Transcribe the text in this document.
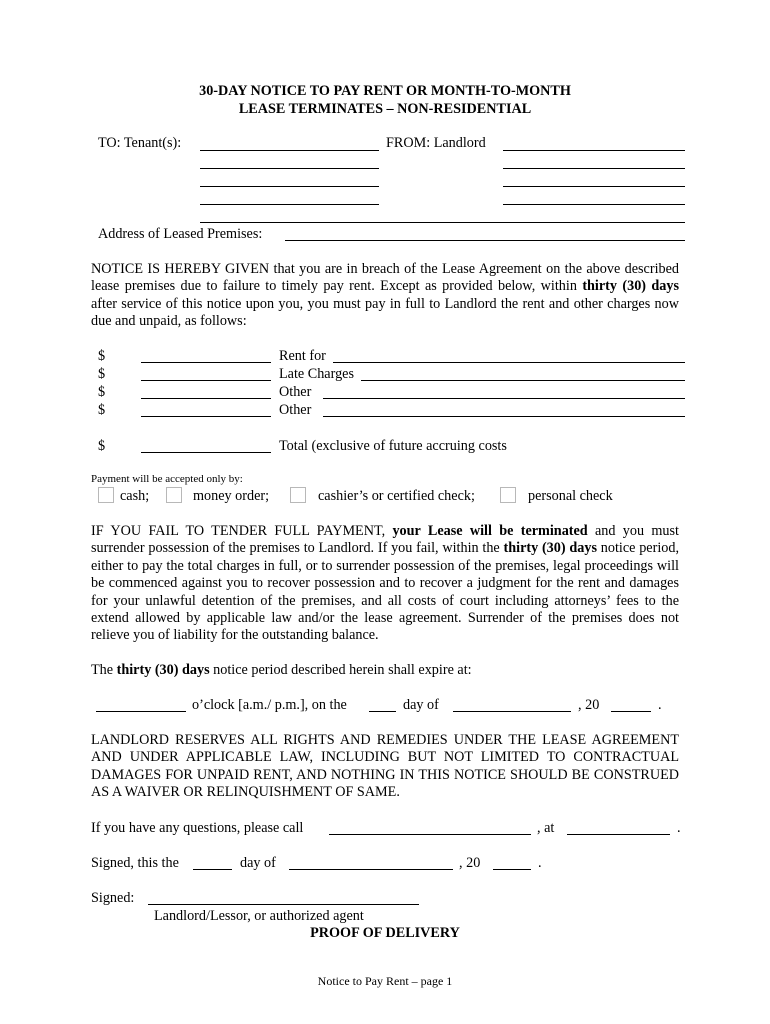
30-DAY NOTICE TO PAY RENT OR MONTH-TO-MONTH
LEASE TERMINATES – NON-RESIDENTIAL
TO: Tenant(s):	FROM: Landlord
Address of Leased Premises:
NOTICE IS HEREBY GIVEN that you are in breach of the Lease Agreement on the above described lease premises due to failure to timely pay rent. Except as provided below, within thirty (30) days after service of this notice upon you, you must pay in full to Landlord the rent and other charges now due and unpaid, as follows:
$	Rent for
$	Late Charges
$	Other
$	Other
$	Total (exclusive of future accruing costs
Payment will be accepted only by:
cash;	money order;	cashier’s or certified check;	personal check
IF YOU FAIL TO TENDER FULL PAYMENT, your Lease will be terminated and you must surrender possession of the premises to Landlord. If you fail, within the thirty (30) days notice period, either to pay the total charges in full, or to surrender possession of the premises, legal proceedings will be commenced against you to recover possession and to recover a judgment for the rent and damages for your unlawful detention of the premises, and all costs of court including attorneys’ fees to the extend allowed by applicable law and/or the lease agreement. Surrender of the premises does not relieve you of liability for the outstanding balance.
The thirty (30) days notice period described herein shall expire at:
o’clock [a.m./ p.m.], on the	day of	, 20	.
LANDLORD RESERVES ALL RIGHTS AND REMEDIES UNDER THE LEASE AGREEMENT AND UNDER APPLICABLE LAW, INCLUDING BUT NOT LIMITED TO CONTRACTUAL DAMAGES FOR UNPAID RENT, AND NOTHING IN THIS NOTICE SHOULD BE CONSTRUED AS A WAIVER OR RELINQUISHMENT OF SAME.
If you have any questions, please call	, at	.
Signed, this the	day of	, 20	.
Signed:
Landlord/Lessor, or authorized agent
PROOF OF DELIVERY
Notice to Pay Rent – page 1
